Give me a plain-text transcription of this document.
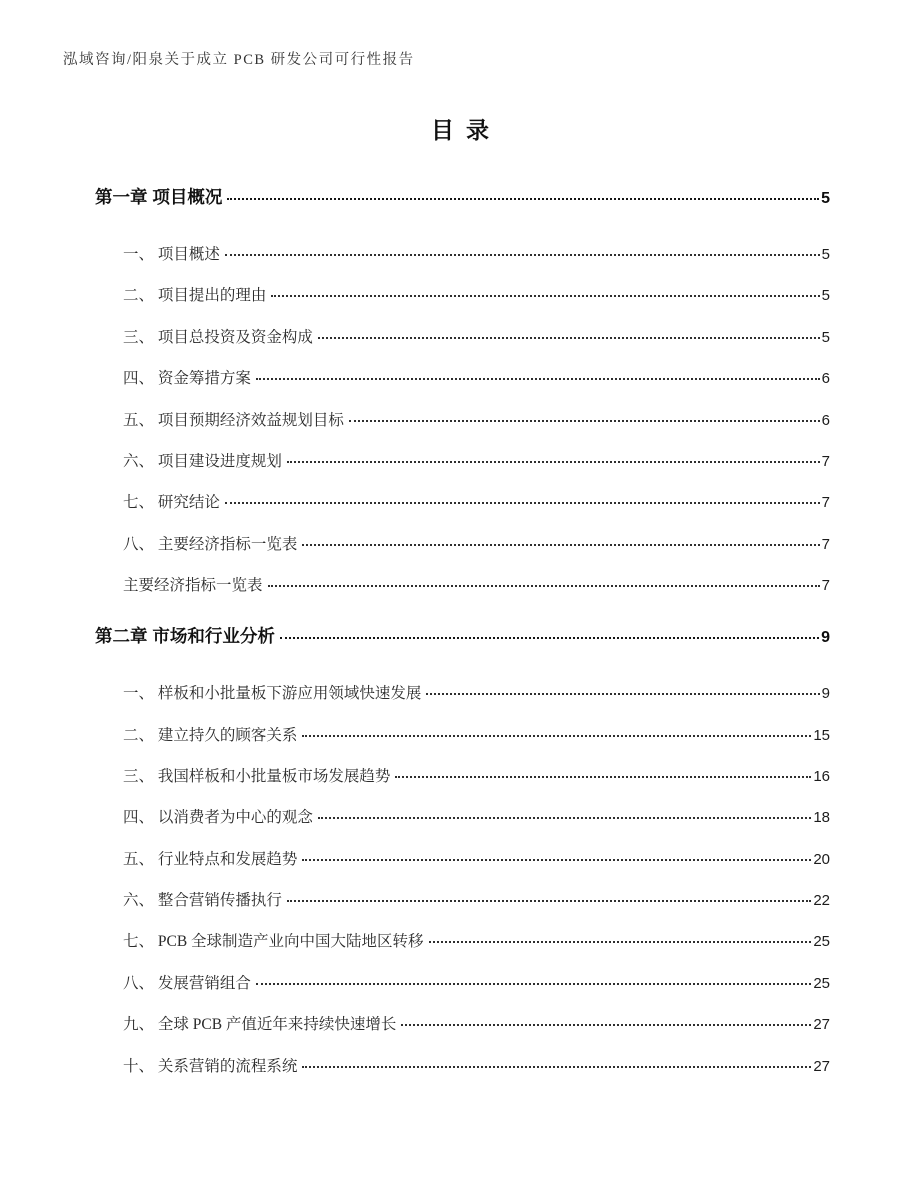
泓域咨询/阳泉关于成立 PCB 研发公司可行性报告
目录
第一章 项目概况	5
一、 项目概述	5
二、 项目提出的理由	5
三、 项目总投资及资金构成	5
四、 资金筹措方案	6
五、 项目预期经济效益规划目标	6
六、 项目建设进度规划	7
七、 研究结论	7
八、 主要经济指标一览表	7
主要经济指标一览表	7
第二章 市场和行业分析	9
一、 样板和小批量板下游应用领域快速发展	9
二、 建立持久的顾客关系	15
三、 我国样板和小批量板市场发展趋势	16
四、 以消费者为中心的观念	18
五、 行业特点和发展趋势	20
六、 整合营销传播执行	22
七、 PCB 全球制造产业向中国大陆地区转移	25
八、 发展营销组合	25
九、 全球 PCB 产值近年来持续快速增长	27
十、 关系营销的流程系统	27
